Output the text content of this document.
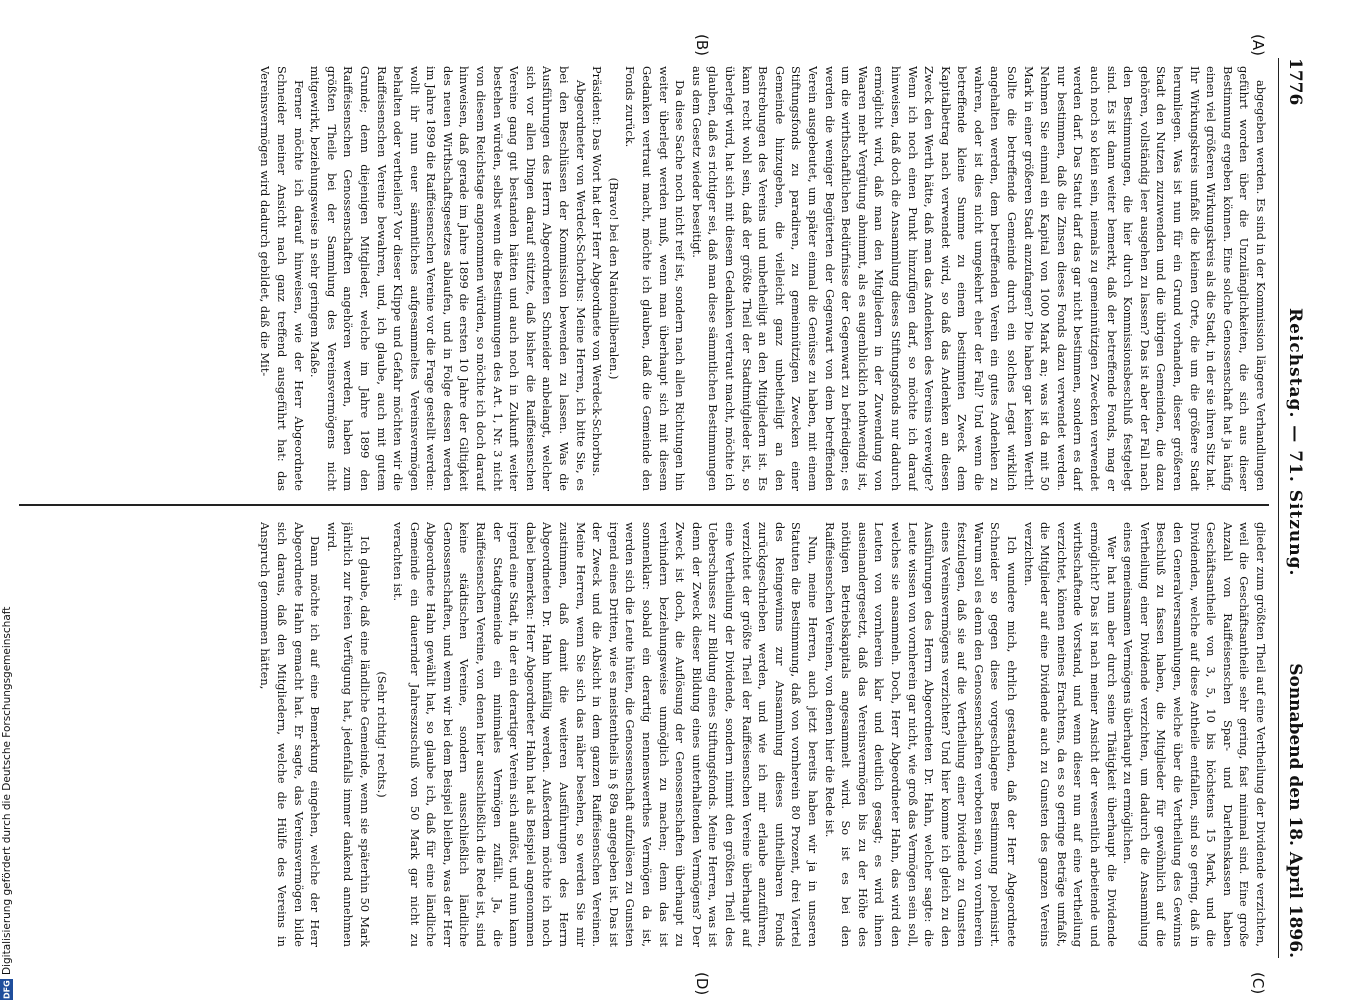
1776
Reichstag. — 71. Sitzung.
Sonnabend den 18. April 1896.
(A)
(B)
(C)
(D)

abgegeben werden. Es sind in der Kommission längere Verhandlungen geführt worden über die Unzulänglichkeiten, die sich aus dieser Bestimmung ergeben können. Eine solche Genossenschaft hat ja häufig einen viel größeren Wirkungskreis als die Stadt, in der sie ihren Sitz hat. Ihr Wirkungskreis umfaßt die kleinen Orte, die um die größere Stadt herumliegen. Was ist nun für ein Grund vorhanden, dieser größeren Stadt den Nutzen zuzuwenden und die übrigen Gemeinden, die dazu gehören, vollständig leer ausgehen zu lassen? Das ist aber der Fall nach den Bestimmungen, die hier durch Kommissionsbeschluß festgelegt sind. Es ist dann weiter bemerkt, daß der betreffende Fonds, mag er auch noch so klein sein, niemals zu gemeinnützigen Zwecken verwendet werden darf. Das Statut darf das gar nicht bestimmen, sondern es darf nur bestimmen, daß die Zinsen dieses Fonds dazu verwendet werden. Nehmen Sie einmal ein Kapital von 1000 Mark an; was ist da mit 50 Mark in einer größeren Stadt anzufangen? Die haben gar keinen Werth! Sollte die betreffende Gemeinde durch ein solches Legat wirklich angehalten werden, dem betreffenden Verein ein gutes Andenken zu wahren, oder ist dies nicht umgekehrt eher der Fall? Und wenn die betreffende kleine Summe zu einem bestimmten Zweck dem Kapitalbetrag nach verwendet wird, so daß das Andenken an diesen Zweck den Werth hätte, daß man das Andenken des Vereins verewigte? Wenn ich noch einen Punkt hinzufügen darf, so möchte ich darauf hinweisen, daß doch die Ansammlung dieses Stiftungsfonds nur dadurch ermöglicht wird, daß man den Mitgliedern in der Zuwendung von Waaren mehr Vergütung abnimmt, als es augenblicklich nothwendig ist, um die wirthschaftlichen Bedürfnisse der Gegenwart zu befriedigen; es werden die weniger Begüterten der Gegenwart von dem betreffenden Verein ausgebeutet, um später einmal die Genüsse zu haben, mit einem Stiftungsfonds zu paradiren, zu gemeinnützigen Zwecken einer Gemeinde hinzugeben, die vielleicht ganz unbetheiligt an den Bestrebungen des Vereins und unbetheiligt an den Mitgliedern ist. Es kann recht wohl sein, daß der größte Theil der Stadtmitglieder ist, so überlegt wird, hat sich mit diesem Gedanken vertraut macht, möchte ich glauben, daß es richtiger sei, daß man diese sämmtlichen Bestimmungen aus dem Gesetz wieder beseitigt.

Da diese Sache noch nicht reif ist, sondern nach allen Richtungen hin weiter überlegt werden muß, wenn man überhaupt sich mit diesem Gedanken vertraut macht, möchte ich glauben, daß die Gemeinde den Fonds zurück.

(Bravo! bei den Nationalliberalen.)

Präsident: Das Wort hat der Herr Abgeordnete von Werdeck-Schorbus.

Abgeordneter von Werdeck-Schorbus: Meine Herren, ich bitte Sie, es bei den Beschlüssen der Kommission bewenden zu lassen. Was die Ausführungen des Herrn Abgeordneten Schneider anbelangt, welcher sich vor allen Dingen darauf stützte, daß bisher die Raiffeisenschen Vereine gang gut bestanden hätten und auch noch in Zukunft weiter bestehen würden, selbst wenn die Bestimmungen des Art. 1, Nr. 3 nicht von diesem Reichstage angenommen würden, so möchte ich doch darauf hinweisen, daß gerade im Jahre 1899 die ersten 10 Jahre der Giltigkeit des neuen Wirthschaftsgesetzes ablaufen, und in Folge dessen werden im Jahre 1899 die Raiffeisenschen Vereine vor die Frage gestellt werden: wollt ihr nun euer sämmtliches aufgesammeltes Vereinsvermögen behalten oder vertheilen? Vor dieser Klippe und Gefahr möchten wir die Raiffeisenschen Vereine bewahren, und, ich glaube, auch mit gutem Grunde; denn diejenigen Mitglieder, welche im Jahre 1899 den Raiffeisenschen Genossenschaften angehören werden, haben zum größten Theile bei der Sammlung des Vereinsvermögens nicht mitgewirkt, beziehungsweise in sehr geringem Maße.

Ferner möchte ich darauf hinweisen, wie der Herr Abgeordnete Schneider meiner Ansicht nach ganz treffend ausgeführt hat: das Vereinsvermögen wird dadurch gebildet, daß die Mit-

glieder zum größten Theil auf eine Vertheilung der Dividende verzichten, weil die Geschäftsantheile sehr gering, fast minimal sind. Eine große Anzahl von Raiffeisenschen Spar- und Darlehnskassen haben Geschäftsantheile von 3, 5, 10 bis höchstens 15 Mark, und die Dividenden, welche auf diese Antheile entfallen, sind so gering, daß in den Generalversammlungen, welche über die Vertheilung des Gewinns Beschluß zu fassen haben, die Mitglieder für gewöhnlich auf die Vertheilung einer Dividende verzichten, um dadurch die Ansammlung eines gemeinsamen Vermögens überhaupt zu ermöglichen.

Wer hat nun aber durch seine Thätigkeit überhaupt die Dividende ermöglicht? Das ist nach meiner Ansicht der wesentlich arbeitende und wirthschaftende Vorstand, und wenn dieser nun auf eine Vertheilung verzichtet, können meines Erachtens, da es so geringe Beträge umfaßt, die Mitglieder auf eine Dividende auch zu Gunsten des ganzen Vereins verzichten.

Ich wundere mich, ehrlich gestanden, daß der Herr Abgeordnete Schneider so gegen diese vorgeschlagene Bestimmung polemisirt. Warum soll es denn den Genossenschaften verboten sein, von vornherein festzulegen, daß sie auf die Vertheilung einer Dividende zu Gunsten eines Vereinsvermögens verzichten? Und hier komme ich gleich zu den Ausführungen des Herrn Abgeordneten Dr. Hahn, welcher sagte: die Leute wissen von vornherein gar nicht, wie groß das Vermögen sein soll, welches sie ansammeln. Doch, Herr Abgeordneter Hahn, das wird den Leuten von vornherein klar und deutlich gesagt; es wird ihnen auseinandergesetzt, daß das Vereinsvermögen bis zu der Höhe des nöthigen Betriebskapitals angesammelt wird. So ist es bei den Raiffeisenschen Vereinen, von denen hier die Rede ist.

Nun, meine Herren, auch jetzt bereits haben wir ja in unseren Statuten die Bestimmung, daß von vornherein 80 Prozent, drei Viertel des Reingewinns zur Ansammlung dieses untheilbaren Fonds zurückgeschrieben werden, und wie ich mir erlaube anzuführen, verzichtet der größte Theil der Raiffeisenschen Vereine überhaupt auf eine Vertheilung der Dividende, sondern nimmt den größten Theil des Ueberschusses zur Bildung eines Stiftungsfonds. Meine Herren, was ist denn der Zweck dieser Bildung eines unterhaltenden Vermögens? Der Zweck ist doch, die Auflösung der Genossenschaften überhaupt zu verhindern beziehungsweise unmöglich zu machen; denn das ist sonnenklar: sobald ein derartig nennenswerthes Vermögen da ist, werden sich die Leute hüten, die Genossenschaft aufzulösen zu Gunsten irgend eines Dritten, wie es meistentheils in § 89a angegeben ist. Das ist der Zweck und die Absicht in dem ganzen Raiffeisenschen Vereinen. Meine Herren, wenn Sie sich das näher besehen, so werden Sie mir zustimmen, daß damit die weiteren Ausführungen des Herrn Abgeordneten Dr. Hahn hinfällig werden. Außerdem möchte ich noch dabei bemerken: Herr Abgeordneter Hahn hat als Beispiel angenommen irgend eine Stadt, in der ein derartiger Verein sich auflöst, und nun kann der Stadtgemeinde ein minimales Vermögen zufällt. Ja, die Raiffeisenschen Vereine, von denen hier ausschließlich die Rede ist, sind keine städtischen Vereine, sondern ausschließlich ländliche Genossenschaften, und wenn wir bei dem Beispiel bleiben, was der Herr Abgeordnete Hahn gewählt hat, so glaube ich, daß für eine ländliche Gemeinde ein dauernder Jahreszuschuß von 50 Mark gar nicht zu verachten ist.

(Sehr richtig! rechts.)

Ich glaube, daß eine ländliche Gemeinde, wenn sie späterhin 50 Mark jährlich zur freien Verfügung hat, jedenfalls immer dankend annehmen wird.

Dann möchte ich auf eine Bemerkung eingehen, welche der Herr Abgeordnete Hahn gemacht hat. Er sagte, das Vereinsvermögen bilde sich daraus, daß den Mitgliedern, welche die Hülfe des Vereins in Anspruch genommen hätten,

DFG
Digitalisierung gefördert durch die Deutsche Forschungsgemeinschaft
